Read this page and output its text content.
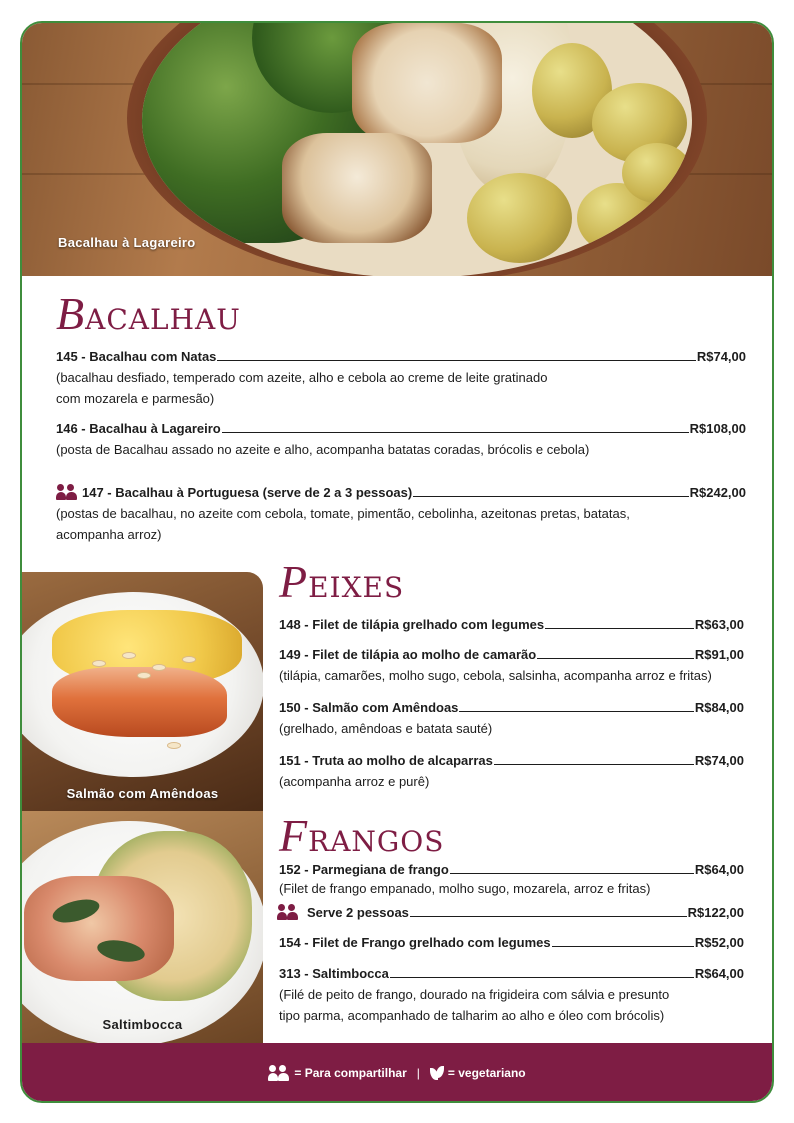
Bacalhau à Lagareiro
BACALHAU
145 - Bacalhau com Natas	R$74,00
(bacalhau desfiado, temperado com azeite, alho e cebola ao creme de leite gratinado
com mozarela e parmesão)
146 - Bacalhau à Lagareiro	R$108,00
(posta de Bacalhau assado no azeite e alho, acompanha batatas coradas, brócolis e cebola)
147 - Bacalhau à Portuguesa (serve de 2 a 3 pessoas)	R$242,00
(postas de bacalhau, no azeite com cebola, tomate, pimentão, cebolinha, azeitonas pretas, batatas,
acompanha arroz)
Salmão com Amêndoas
Saltimbocca
PEIXES
148 - Filet de tilápia grelhado com legumes	R$63,00
149 - Filet de tilápia ao molho de camarão	R$91,00
(tilápia, camarões, molho sugo, cebola, salsinha, acompanha arroz e fritas)
150 - Salmão com Amêndoas	R$84,00
(grelhado, amêndoas e batata sauté)
151 - Truta ao molho de alcaparras	R$74,00
(acompanha arroz e purê)
FRANGOS
152 - Parmegiana de frango	R$64,00
(Filet de frango empanado, molho sugo, mozarela, arroz e fritas)
Serve 2 pessoas	R$122,00
154 - Filet de Frango grelhado com legumes	R$52,00
313 - Saltimbocca	R$64,00
(Filé de peito de frango, dourado na frigideira com sálvia e presunto
tipo parma, acompanhado de talharim ao alho e óleo com brócolis)
= Para compartilhar | = vegetariano
